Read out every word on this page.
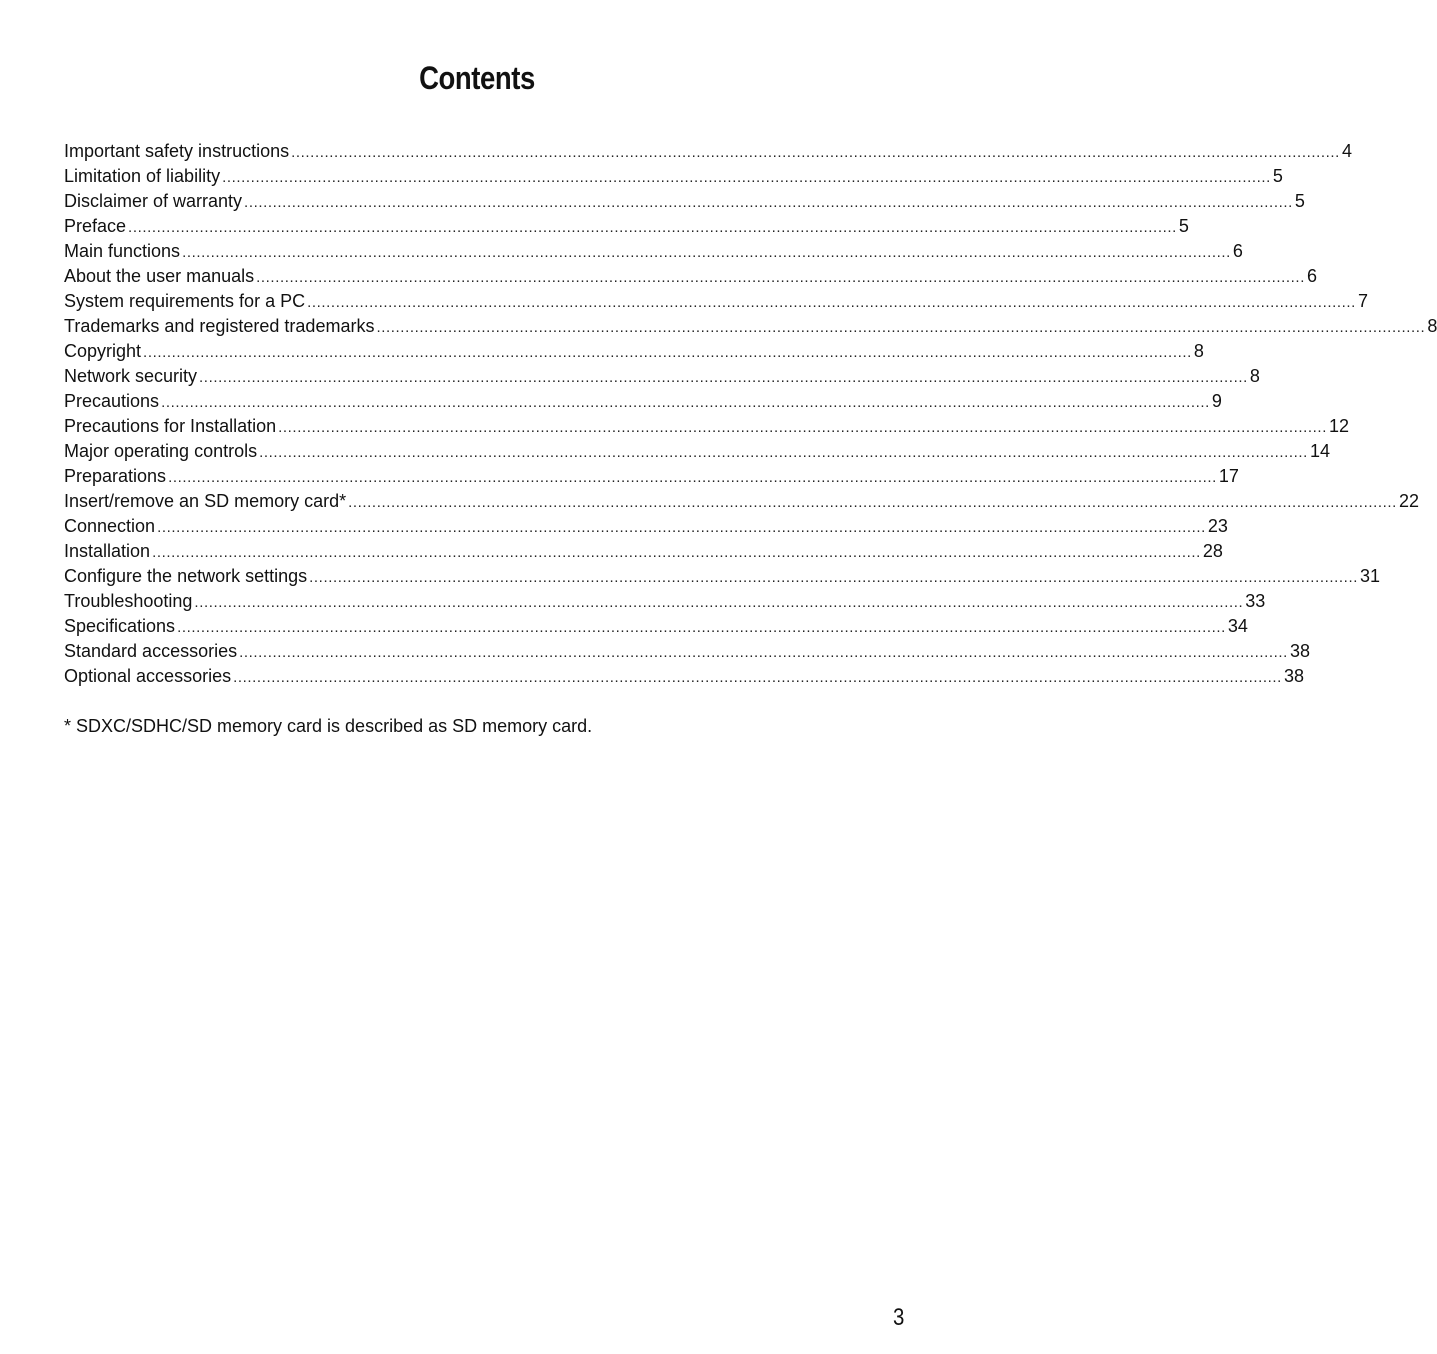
Contents
Important safety instructions ............................................................................................................................................................................................................................ 4
Limitation of liability ............................................................................................................................................................................................................................ 5
Disclaimer of warranty ............................................................................................................................................................................................................................ 5
Preface ............................................................................................................................................................................................................................ 5
Main functions ............................................................................................................................................................................................................................ 6
About the user manuals ............................................................................................................................................................................................................................ 6
System requirements for a PC ............................................................................................................................................................................................................................ 7
Trademarks and registered trademarks ............................................................................................................................................................................................................................ 8
Copyright ............................................................................................................................................................................................................................ 8
Network security ............................................................................................................................................................................................................................ 8
Precautions ............................................................................................................................................................................................................................ 9
Precautions for Installation ............................................................................................................................................................................................................................ 12
Major operating controls ............................................................................................................................................................................................................................ 14
Preparations ............................................................................................................................................................................................................................ 17
Insert/remove an SD memory card* ............................................................................................................................................................................................................................ 22
Connection ............................................................................................................................................................................................................................ 23
Installation ............................................................................................................................................................................................................................ 28
Configure the network settings ............................................................................................................................................................................................................................ 31
Troubleshooting ............................................................................................................................................................................................................................ 33
Specifications ............................................................................................................................................................................................................................ 34
Standard accessories ............................................................................................................................................................................................................................ 38
Optional accessories ............................................................................................................................................................................................................................ 38
* SDXC/SDHC/SD memory card is described as SD memory card.
3
